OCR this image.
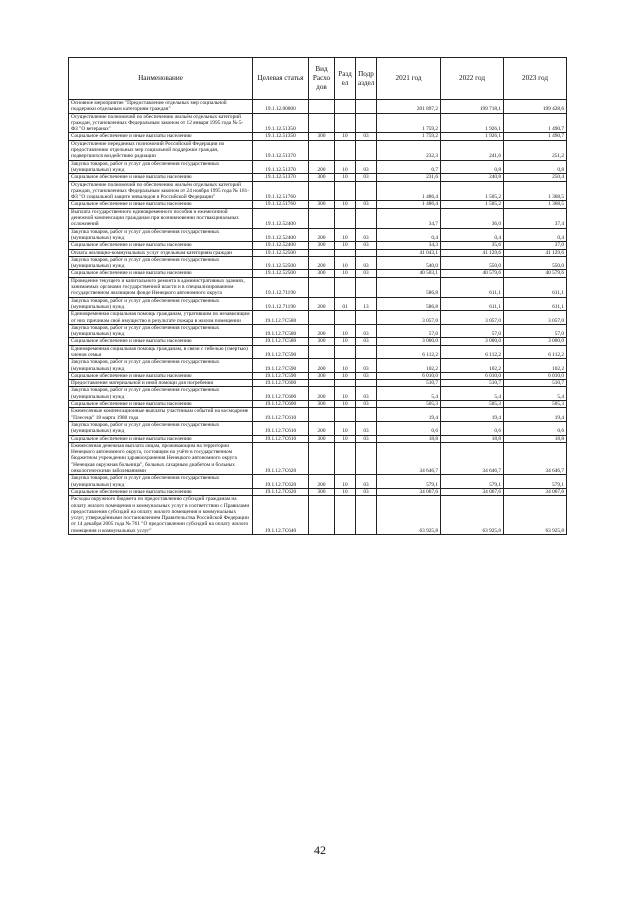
Наименование	Целевая статья	Вид Расхо дов	Разд ел	Подр аздел	2021 год	2022 год	2023 год
Основное мероприятие "Предоставление отдельных мер социальной поддержки отдельным категориям граждан"	19.1.12.00000				201 897,2	199 718,1	199 428,6
Осуществление полномочий по обеспечению жильём отдельных категорий граждан, установленных Федеральным законом от 12 января 1995 года № 5-ФЗ "О ветеранах"	19.1.12.51350				1 759,2	1 926,1	1 490,7
Социальное обеспечение и иные выплаты населению	19.1.12.51350	300	10	03	1 759,2	1 926,1	1 490,7
Осуществление переданных полномочий Российской Федерации по предоставлению отдельных мер социальной поддержки граждан, подвергшихся воздействию радиации	19.1.12.51370				232,3	241,6	251,2
Закупка товаров, работ и услуг для обеспечения государственных (муниципальных) нужд	19.1.12.51370	200	10	03	0,7	0,8	0,8
Социальное обеспечение и иные выплаты населению	19.1.12.51370	300	10	03	231,6	240,8	250,4
Осуществление полномочий по обеспечению жильём отдельных категорий граждан, установленных Федеральным законом от 24 ноября 1995 года № 181-ФЗ "О социальной защите инвалидов в Российской Федерации"	19.1.12.51760				1 486,4	1 505,2	1 368,5
Социальное обеспечение и иные выплаты населению	19.1.12.51760	300	10	03	1 486,4	1 505,2	1 368,5
Выплата государственного единовременного пособия и ежемесячной денежной компенсации гражданам при возникновении поствакцинальных осложнений	19.1.12.52400				34,7	36,0	37,4
Закупка товаров, работ и услуг для обеспечения государственных (муниципальных) нужд	19.1.12.52400	200	10	03	0,4	0,4	0,4
Социальное обеспечение и иные выплаты населению	19.1.12.52400	300	10	03	34,3	35,6	37,0
Оплата жилищно-коммунальных услуг отдельным категориям граждан	19.1.12.52500				41 043,1	41 129,6	41 129,6
Закупка товаров, работ и услуг для обеспечения государственных (муниципальных) нужд	19.1.12.52500	200	10	03	540,0	550,0	550,0
Социальное обеспечение и иные выплаты населению	19.1.12.52500	300	10	03	40 503,1	40 579,6	40 579,6
Проведение текущего и капитального ремонта в административных зданиях, занимаемых органами государственной власти и в специализированном государственном жилищном фонде Ненецкого автономного округа	19.1.12.71190				586,8	611,1	611,1
Закупка товаров, работ и услуг для обеспечения государственных (муниципальных) нужд	19.1.12.71190	200	01	13	586,8	611,1	611,1
Единовременная социальная помощь гражданам, утратившим по независящим от них причинам своё имущество в результате пожара в жилом помещении	19.1.12.7С580				3 057,0	3 057,0	3 057,0
Закупка товаров, работ и услуг для обеспечения государственных (муниципальных) нужд	19.1.12.7С580	200	10	03	57,0	57,0	57,0
Социальное обеспечение и иные выплаты населению	19.1.12.7С580	300	10	03	3 000,0	3 000,0	3 000,0
Единовременная социальная помощь гражданам, в связи с гибелью (смертью) членов семьи	19.1.12.7С590				6 112,2	6 112,2	6 112,2
Закупка товаров, работ и услуг для обеспечения государственных (муниципальных) нужд	19.1.12.7С590	200	10	03	102,2	102,2	102,2
Социальное обеспечение и иные выплаты населению	19.1.12.7С590	300	10	03	6 010,0	6 010,0	6 010,0
Предоставление материальной и иной помощи для погребения	19.1.12.7С600				510,7	510,7	510,7
Закупка товаров, работ и услуг для обеспечения государственных (муниципальных) нужд	19.1.12.7С600	200	10	03	5,4	5,4	5,4
Социальное обеспечение и иные выплаты населению	19.1.12.7С600	300	10	03	505,3	505,3	505,3
Ежемесячные компенсационные выплаты участникам событий на космодроме "Плесецк" 18 марта 1980 года	19.1.12.7С610				19,4	19,4	19,4
Закупка товаров, работ и услуг для обеспечения государственных (муниципальных) нужд	19.1.12.7С610	200	10	03	0,6	0,6	0,6
Социальное обеспечение и иные выплаты населению	19.1.12.7С610	300	10	03	18,8	18,8	18,8
Ежемесячная денежная выплата лицам, проживающим на территории Ненецкого автономного округа, состоящим на учёте в государственном бюджетном учреждении здравоохранения Ненецкого автономного округа "Ненецкая окружная больница", больных сахарным диабетом и больных онкологическими заболеваниями	19.1.12.7С620				34 646,7	34 646,7	34 646,7
Закупка товаров, работ и услуг для обеспечения государственных (муниципальных) нужд	19.1.12.7С620	200	10	03	579,1	579,1	579,1
Социальное обеспечение и иные выплаты населению	19.1.12.7С620	300	10	03	34 067,6	34 067,6	34 067,6
Расходы окружного бюджета по предоставлению субсидий гражданам на оплату жилого помещения и коммунальных услуг в соответствии с Правилами предоставления субсидий на оплату жилого помещения и коммунальных услуг, утверждёнными постановлением Правительства Российской Федерации от 14 декабря 2005 года № 761 "О предоставлении субсидий на оплату жилого помещения и коммунальных услуг"	19.1.12.7С640				63 925,8	63 925,8	63 925,8
42
